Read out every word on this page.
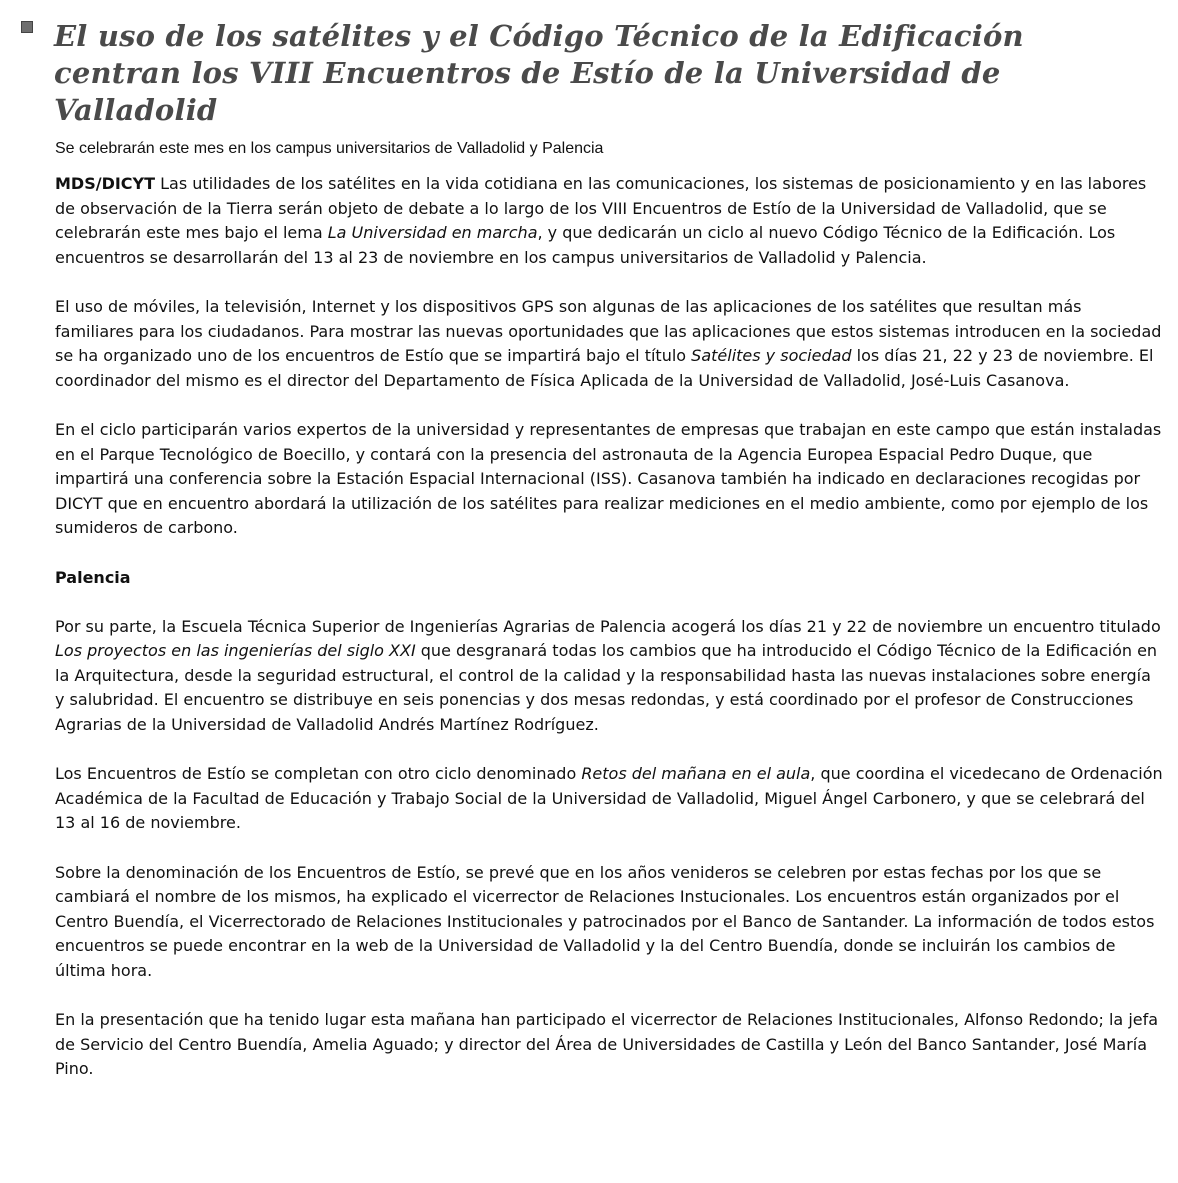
El uso de los satélites y el Código Técnico de la Edificación centran los VIII Encuentros de Estío de la Universidad de Valladolid

Se celebrarán este mes en los campus universitarios de Valladolid y Palencia

MDS/DICYT Las utilidades de los satélites en la vida cotidiana en las comunicaciones, los sistemas de posicionamiento y en las labores de observación de la Tierra serán objeto de debate a lo largo de los VIII Encuentros de Estío de la Universidad de Valladolid, que se celebrarán este mes bajo el lema La Universidad en marcha, y que dedicarán un ciclo al nuevo Código Técnico de la Edificación. Los encuentros se desarrollarán del 13 al 23 de noviembre en los campus universitarios de Valladolid y Palencia.

El uso de móviles, la televisión, Internet y los dispositivos GPS son algunas de las aplicaciones de los satélites que resultan más familiares para los ciudadanos. Para mostrar las nuevas oportunidades que las aplicaciones que estos sistemas introducen en la sociedad se ha organizado uno de los encuentros de Estío que se impartirá bajo el título Satélites y sociedad los días 21, 22 y 23 de noviembre. El coordinador del mismo es el director del Departamento de Física Aplicada de la Universidad de Valladolid, José-Luis Casanova.

En el ciclo participarán varios expertos de la universidad y representantes de empresas que trabajan en este campo que están instaladas en el Parque Tecnológico de Boecillo, y contará con la presencia del astronauta de la Agencia Europea Espacial Pedro Duque, que impartirá una conferencia sobre la Estación Espacial Internacional (ISS). Casanova también ha indicado en declaraciones recogidas por DICYT que en encuentro abordará la utilización de los satélites para realizar mediciones en el medio ambiente, como por ejemplo de los sumideros de carbono.

Palencia

Por su parte, la Escuela Técnica Superior de Ingenierías Agrarias de Palencia acogerá los días 21 y 22 de noviembre un encuentro titulado Los proyectos en las ingenierías del siglo XXI que desgranará todas los cambios que ha introducido el Código Técnico de la Edificación en la Arquitectura, desde la seguridad estructural, el control de la calidad y la responsabilidad hasta las nuevas instalaciones sobre energía y salubridad. El encuentro se distribuye en seis ponencias y dos mesas redondas, y está coordinado por el profesor de Construcciones Agrarias de la Universidad de Valladolid Andrés Martínez Rodríguez.

Los Encuentros de Estío se completan con otro ciclo denominado Retos del mañana en el aula, que coordina el vicedecano de Ordenación Académica de la Facultad de Educación y Trabajo Social de la Universidad de Valladolid, Miguel Ángel Carbonero, y que se celebrará del 13 al 16 de noviembre.

Sobre la denominación de los Encuentros de Estío, se prevé que en los años venideros se celebren por estas fechas por los que se cambiará el nombre de los mismos, ha explicado el vicerrector de Relaciones Instucionales. Los encuentros están organizados por el Centro Buendía, el Vicerrectorado de Relaciones Institucionales y patrocinados por el Banco de Santander. La información de todos estos encuentros se puede encontrar en la web de la Universidad de Valladolid y la del Centro Buendía, donde se incluirán los cambios de última hora.

En la presentación que ha tenido lugar esta mañana han participado el vicerrector de Relaciones Institucionales, Alfonso Redondo; la jefa de Servicio del Centro Buendía, Amelia Aguado; y director del Área de Universidades de Castilla y León del Banco Santander, José María Pino.
